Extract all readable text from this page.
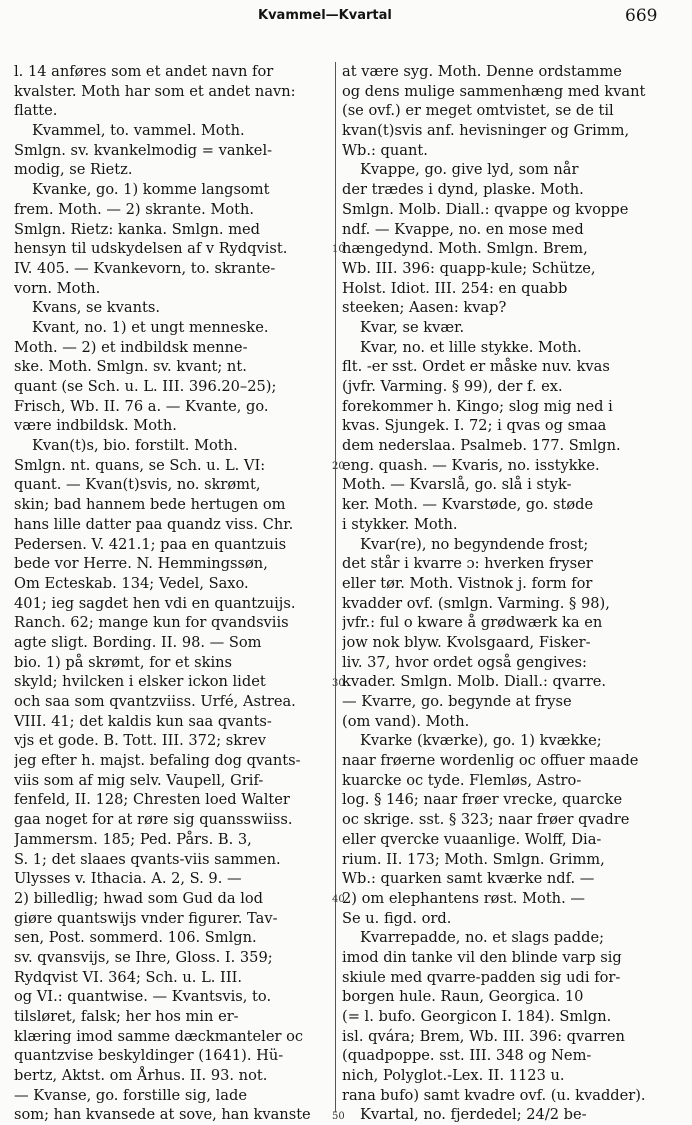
Kvammel—Kvartal	669
l. 14 anføres som et andet navn for
kvalster. Moth har som et andet navn:
flatte.
Kvammel, to. vammel. Moth.
Smlgn. sv. kvankelmodig = vankel-
modig, se Rietz.
Kvanke, go. 1) komme langsomt
frem. Moth. — 2) skrante. Moth.
Smlgn. Rietz: kanka. Smlgn. med
hensyn til udskydelsen af v Rydqvist.
IV. 405. — Kvankevorn, to. skrante-
vorn. Moth.
Kvans, se kvants.
Kvant, no. 1) et ungt menneske.
Moth. — 2) et indbildsk menne-
ske. Moth. Smlgn. sv. kvant; nt.
quant (se Sch. u. L. III. 396.20–25);
Frisch, Wb. II. 76 a. — Kvante, go.
være indbildsk. Moth.
Kvan(t)s, bio. forstilt. Moth.
Smlgn. nt. quans, se Sch. u. L. VI:
quant. — Kvan(t)svis, no. skrømt,
skin; bad hannem bede hertugen om
hans lille datter paa quandz viss. Chr.
Pedersen. V. 421.1; paa en quantzuis
bede vor Herre. N. Hemmingssøn,
Om Ecteskab. 134; Vedel, Saxo.
401; ieg sagdet hen vdi en quantzuijs.
Ranch. 62; mange kun for qvandsviis
agte sligt. Bording. II. 98. — Som
bio. 1) på skrømt, for et skins
skyld; hvilcken i elsker ickon lidet
och saa som qvantzviiss. Urfé, Astrea.
VIII. 41; det kaldis kun saa qvants-
vjs et gode. B. Tott. III. 372; skrev
jeg efter h. majst. befaling dog qvants-
viis som af mig selv. Vaupell, Grif-
fenfeld, II. 128; Chresten loed Walter
gaa noget for at røre sig quansswiiss.
Jammersm. 185; Ped. Pårs. B. 3,
S. 1; det slaaes qvants-viis sammen.
Ulysses v. Ithacia. A. 2, S. 9. —
2) billedlig; hwad som Gud da lod
giøre quantswijs vnder figurer. Tav-
sen, Post. sommerd. 106. Smlgn.
sv. qvansvijs, se Ihre, Gloss. I. 359;
Rydqvist VI. 364; Sch. u. L. III.
og VI.: quantwise. — Kvantsvis, to.
tilsløret, falsk; her hos min er-
klæring imod samme dæckmanteler oc
quantzvise beskyldinger (1641). Hü-
bertz, Aktst. om Århus. II. 93. not.
— Kvanse, go. forstille sig, lade
som; han kvansede at sove, han kvanste
at være syg. Moth. Denne ordstamme
og dens mulige sammenhæng med kvant
(se ovf.) er meget omtvistet, se de til
kvan(t)svis anf. hevisninger og Grimm,
Wb.: quant.
Kvappe, go. give lyd, som når
der trædes i dynd, plaske. Moth.
Smlgn. Molb. Diall.: qvappe og kvoppe
ndf. — Kvappe, no. en mose med
hængedynd. Moth. Smlgn. Brem,
Wb. III. 396: quapp-kule; Schütze,
Holst. Idiot. III. 254: en quabb
steeken; Aasen: kvap?
Kvar, se kvær.
Kvar, no. et lille stykke. Moth.
flt. -er sst. Ordet er måske nuv. kvas
(jvfr. Varming. § 99), der f. ex.
forekommer h. Kingo; slog mig ned i
kvas. Sjungek. I. 72; i qvas og smaa
dem nederslaa. Psalmeb. 177. Smlgn.
eng. quash. — Kvaris, no. isstykke.
Moth. — Kvarslå, go. slå i styk-
ker. Moth. — Kvarstøde, go. støde
i stykker. Moth.
Kvar(re), no begyndende frost;
det står i kvarre ɔ: hverken fryser
eller tør. Moth. Vistnok j. form for
kvadder ovf. (smlgn. Varming. § 98),
jvfr.: ful o kware å grødwærk ka en
jow nok blyw. Kvolsgaard, Fisker-
liv. 37, hvor ordet også gengives:
kvader. Smlgn. Molb. Diall.: qvarre.
— Kvarre, go. begynde at fryse
(om vand). Moth.
Kvarke (kværke), go. 1) kvække;
naar frøerne wordenlig oc offuer maade
kuarcke oc tyde. Flemløs, Astro-
log. § 146; naar frøer vrecke, quarcke
oc skrige. sst. § 323; naar frøer qvadre
eller qvercke vuaanlige. Wolff, Dia-
rium. II. 173; Moth. Smlgn. Grimm,
Wb.: quarken samt kværke ndf. —
2) om elephantens røst. Moth. —
Se u. figd. ord.
Kvarrepadde, no. et slags padde;
imod din tanke vil den blinde varp sig
skiule med qvarre-padden sig udi for-
borgen hule. Raun, Georgica. 10
(= l. bufo. Georgicon I. 184). Smlgn.
isl. qvára; Brem, Wb. III. 396: qvarren
(quadpoppe. sst. III. 348 og Nem-
nich, Polyglot.-Lex. II. 1123 u.
rana bufo) samt kvadre ovf. (u. kvadder).
Kvartal, no. fjerdedel; 24/2 be-
10
20
30
40
50
